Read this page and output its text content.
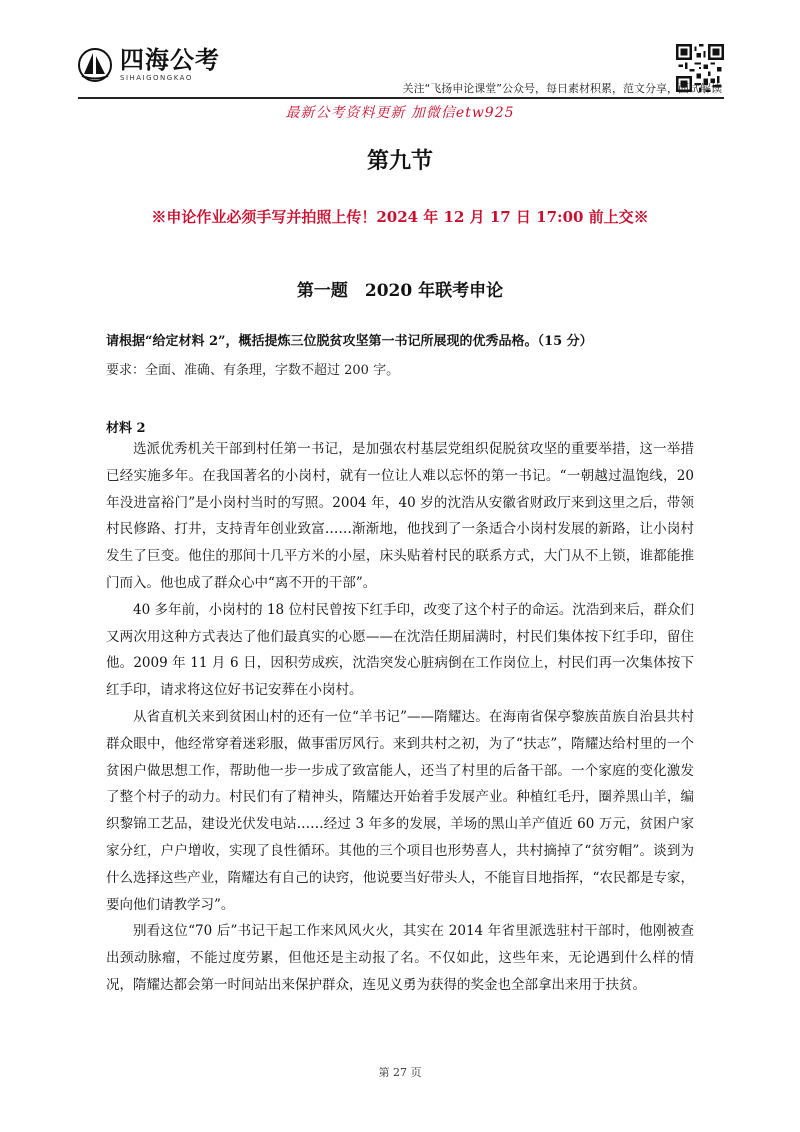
四海公考
SIHAIGONGKAO
关注“飞扬申论课堂”公众号，每日素材积累，范文分享，面试解读
最新公考资料更新 加微信etw925
第九节
※申论作业必须手写并拍照上传！2024 年 12 月 17 日 17:00 前上交※
第一题　2020 年联考申论
请根据“给定材料 2”，概括提炼三位脱贫攻坚第一书记所展现的优秀品格。（15 分）
要求：全面、准确、有条理，字数不超过 200 字。
材料 2

选派优秀机关干部到村任第一书记，是加强农村基层党组织促脱贫攻坚的重要举措，这一举措已经实施多年。在我国著名的小岗村，就有一位让人难以忘怀的第一书记。“一朝越过温饱线，20 年没进富裕门”是小岗村当时的写照。2004 年，40 岁的沈浩从安徽省财政厅来到这里之后，带领村民修路、打井，支持青年创业致富……渐渐地，他找到了一条适合小岗村发展的新路，让小岗村发生了巨变。他住的那间十几平方米的小屋，床头贴着村民的联系方式，大门从不上锁，谁都能推门而入。他也成了群众心中“离不开的干部”。

40 多年前，小岗村的 18 位村民曾按下红手印，改变了这个村子的命运。沈浩到来后，群众们又两次用这种方式表达了他们最真实的心愿——在沈浩任期届满时，村民们集体按下红手印，留住他。2009 年 11 月 6 日，因积劳成疾，沈浩突发心脏病倒在工作岗位上，村民们再一次集体按下红手印，请求将这位好书记安葬在小岗村。

从省直机关来到贫困山村的还有一位“羊书记”——隋耀达。在海南省保亭黎族苗族自治县共村群众眼中，他经常穿着迷彩服，做事雷厉风行。来到共村之初，为了“扶志”，隋耀达给村里的一个贫困户做思想工作，帮助他一步一步成了致富能人，还当了村里的后备干部。一个家庭的变化激发了整个村子的动力。村民们有了精神头，隋耀达开始着手发展产业。种植红毛丹，圈养黑山羊，编织黎锦工艺品，建设光伏发电站……经过 3 年多的发展，羊场的黑山羊产值近 60 万元，贫困户家家分红，户户增收，实现了良性循环。其他的三个项目也形势喜人，共村摘掉了“贫穷帽”。谈到为什么选择这些产业，隋耀达有自己的诀窍，他说要当好带头人，不能盲目地指挥，“农民都是专家，要向他们请教学习”。

别看这位“70 后”书记干起工作来风风火火，其实在 2014 年省里派选驻村干部时，他刚被查出颈动脉瘤，不能过度劳累，但他还是主动报了名。不仅如此，这些年来，无论遇到什么样的情况，隋耀达都会第一时间站出来保护群众，连见义勇为获得的奖金也全部拿出来用于扶贫。

第 27 页
